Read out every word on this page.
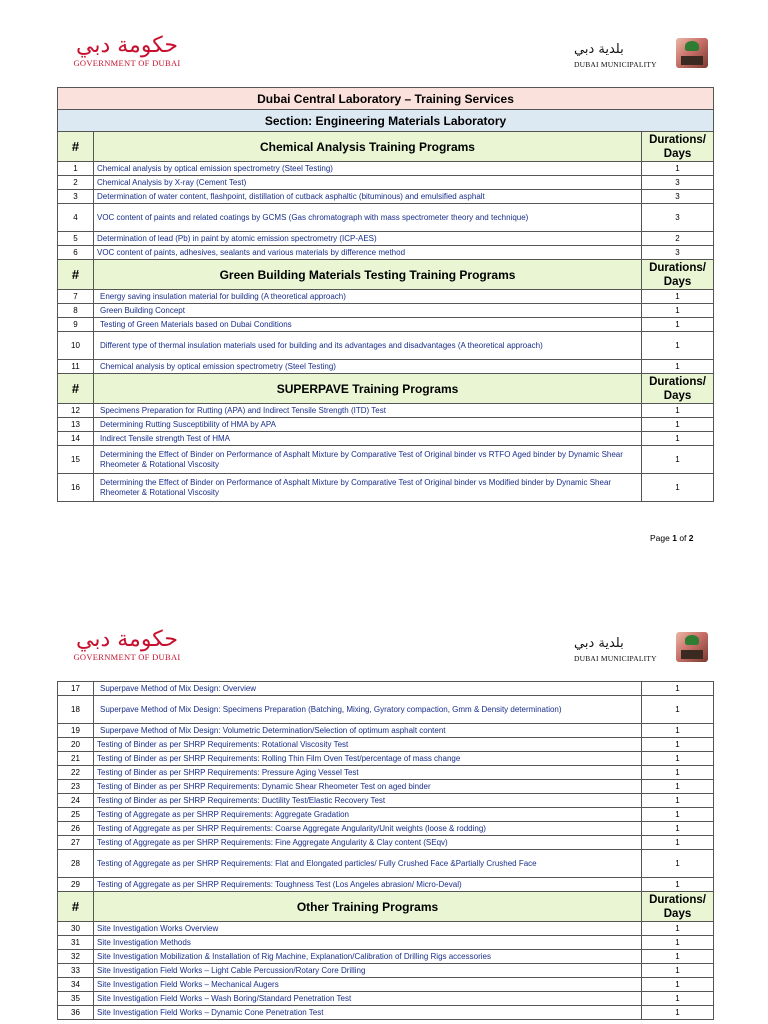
حكومة دبي
GOVERNMENT OF DUBAI
بلدية دبي
DUBAI MUNICIPALITY
Dubai Central Laboratory – Training Services		
Section: Engineering Materials Laboratory		
#	Chemical Analysis Training Programs	Durations/ Days
1	Chemical analysis by optical emission spectrometry (Steel Testing)	1
2	Chemical Analysis by X-ray (Cement Test)	3
3	Determination of water content, flashpoint, distillation of cutback asphaltic (bituminous) and emulsified asphalt	3
4	VOC content of paints and related coatings by GCMS (Gas chromatograph with mass spectrometer theory and technique)	3
5	Determination of lead (Pb) in paint by atomic emission spectrometry (ICP-AES)	2
6	VOC content of paints, adhesives, sealants and various materials by difference method	3
#	Green Building Materials Testing Training Programs	Durations/ Days
7	Energy saving insulation material for building (A theoretical approach)	1
8	Green Building Concept	1
9	Testing of Green Materials based on Dubai Conditions	1
10	Different type of thermal insulation materials used for building and its advantages and disadvantages (A theoretical approach)	1
11	Chemical analysis by optical emission spectrometry (Steel Testing)	1
#	SUPERPAVE Training Programs	Durations/ Days
12	Specimens Preparation for Rutting (APA) and Indirect Tensile Strength (ITD) Test	1
13	Determining Rutting Susceptibility of HMA by APA	1
14	Indirect Tensile strength Test of HMA	1
15	Determining the Effect of Binder on Performance of Asphalt Mixture by Comparative Test of Original binder vs RTFO Aged binder by Dynamic Shear Rheometer & Rotational Viscosity	1
16	Determining the Effect of Binder on Performance of Asphalt Mixture by Comparative Test of Original binder vs Modified binder by Dynamic Shear Rheometer & Rotational Viscosity	1
Page 1 of 2
حكومة دبي
GOVERNMENT OF DUBAI
بلدية دبي
DUBAI MUNICIPALITY
17	Superpave Method of Mix Design: Overview	1
18	Superpave Method of Mix Design: Specimens Preparation (Batching, Mixing, Gyratory compaction, Gmm & Density determination)	1
19	Superpave Method of Mix Design: Volumetric Determination/Selection of optimum asphalt content	1
20	Testing of Binder as per SHRP Requirements: Rotational Viscosity Test	1
21	Testing of Binder as per SHRP Requirements: Rolling Thin Film Oven Test/percentage of mass change	1
22	Testing of Binder as per SHRP Requirements: Pressure Aging Vessel Test	1
23	Testing of Binder as per SHRP Requirements: Dynamic Shear Rheometer Test on aged binder	1
24	Testing of Binder as per SHRP Requirements: Ductility Test/Elastic Recovery Test	1
25	Testing of Aggregate as per SHRP Requirements: Aggregate Gradation	1
26	Testing of Aggregate as per SHRP Requirements: Coarse Aggregate Angularity/Unit weights (loose & rodding)	1
27	Testing of Aggregate as per SHRP Requirements: Fine Aggregate Angularity & Clay content (SEqv)	1
28	Testing of Aggregate as per SHRP Requirements: Flat and Elongated particles/ Fully Crushed Face &Partially Crushed Face	1
29	Testing of Aggregate as per SHRP Requirements: Toughness Test (Los Angeles abrasion/ Micro-Deval)	1
#	Other Training Programs	Durations/ Days
30	Site Investigation Works Overview	1
31	Site Investigation Methods	1
32	Site Investigation Mobilization & Installation of Rig Machine, Explanation/Calibration of Drilling Rigs accessories	1
33	Site Investigation Field Works – Light Cable Percussion/Rotary Core Drilling	1
34	Site Investigation Field Works – Mechanical Augers	1
35	Site Investigation Field Works – Wash Boring/Standard Penetration Test	1
36	Site Investigation Field Works – Dynamic Cone Penetration Test	1
